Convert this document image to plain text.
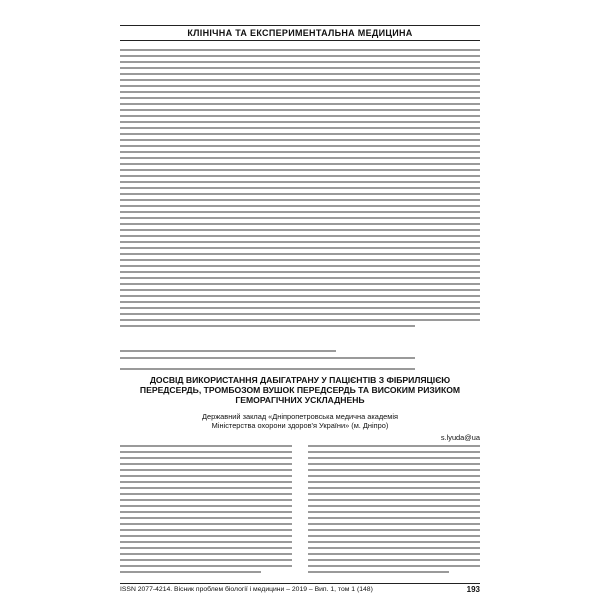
КЛІНІЧНА ТА ЕКСПЕРИМЕНТАЛЬНА МЕДИЦИНА
ДОСВІД ВИКОРИСТАННЯ ДАБІГАТРАНУ У ПАЦІЄНТІВ З ФІБРИЛЯЦІЄЮ ПЕРЕДСЕРДЬ, ТРОМБОЗОМ ВУШОК ПЕРЕДСЕРДЬ ТА ВИСОКИМ РИЗИКОМ ГЕМОРАГІЧНИХ УСКЛАДНЕНЬ
Державний заклад «Дніпропетровська медична академія
Міністерства охорони здоров'я України» (м. Дніпро)
s.lyuda@ua
ISSN 2077-4214. Вісник проблем біології і медицини – 2019 – Вип. 1, том 1 (148)	193
